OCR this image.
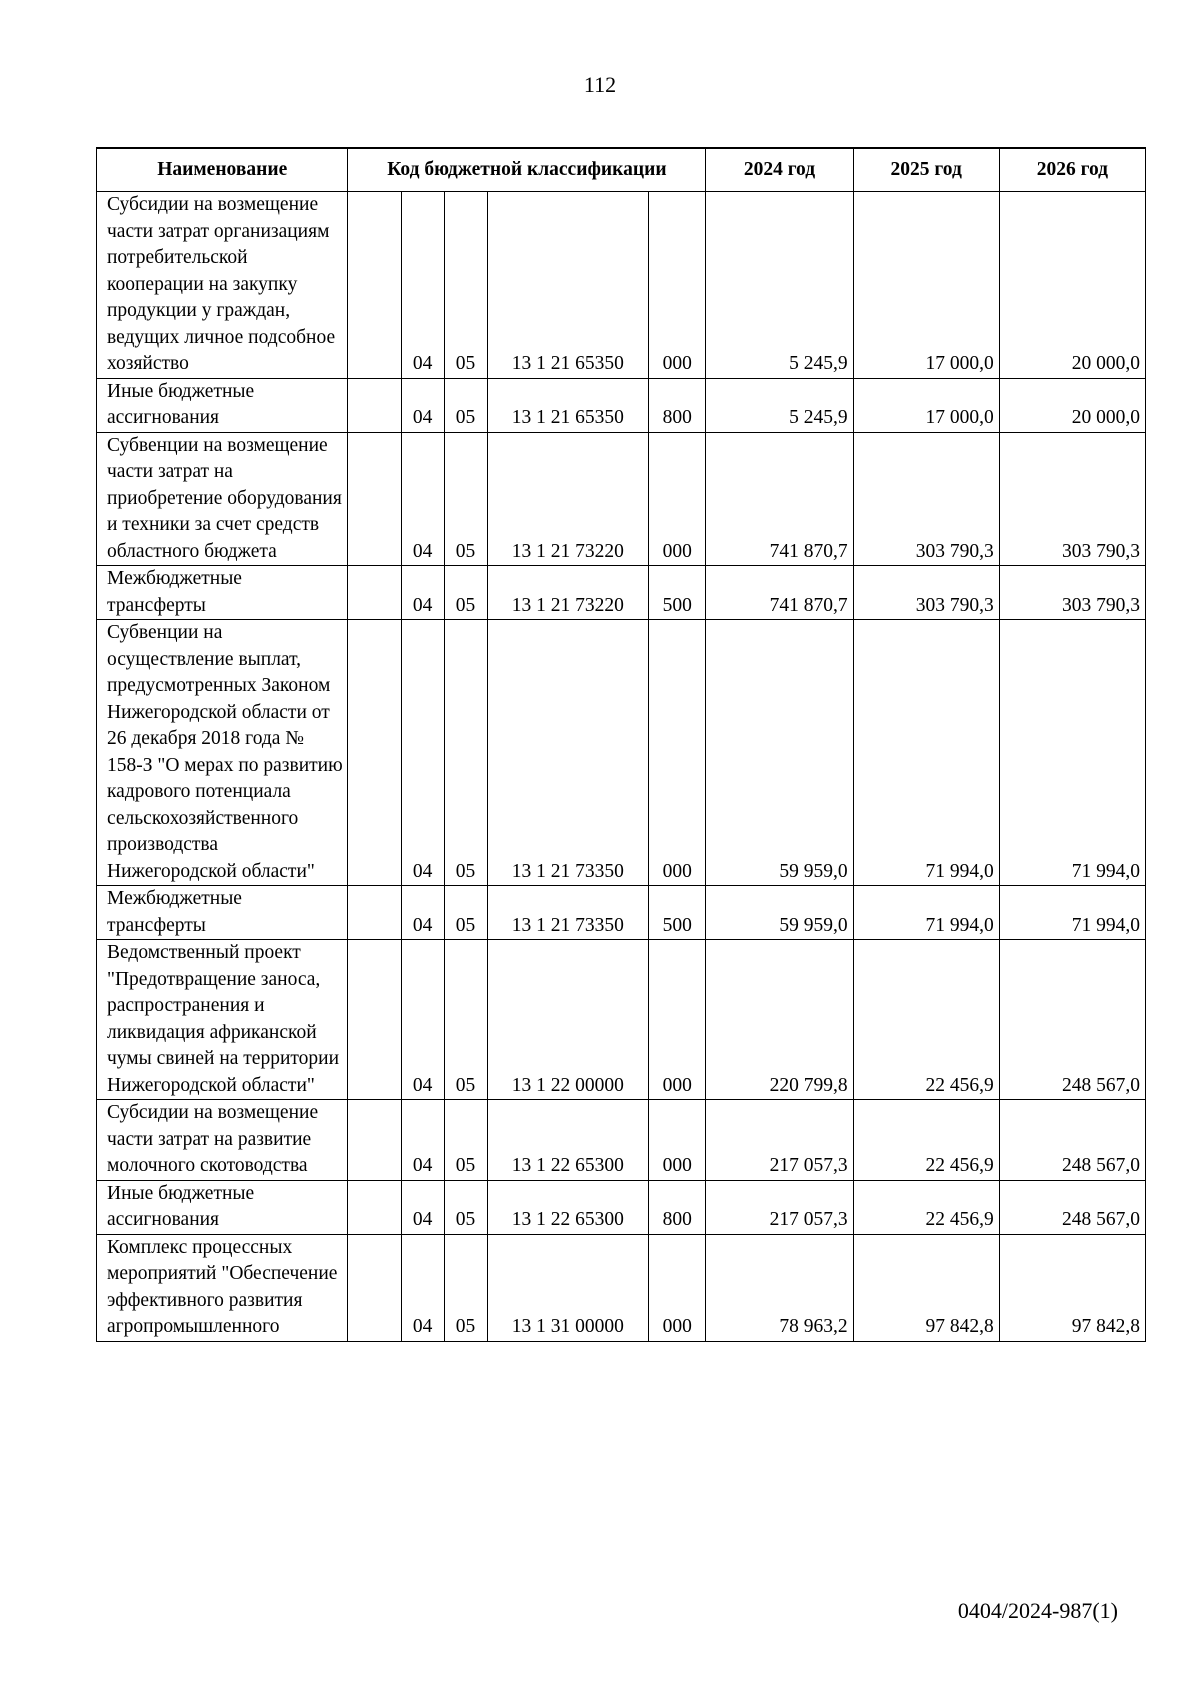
112
Наименование	Код бюджетной классификации					2024 год	2025 год	2026 год
Субсидии на возмещение части затрат организациям потребительской кооперации на закупку продукции у граждан, ведущих личное подсобное хозяйство		04	05	13 1 21 65350	000	5 245,9	17 000,0	20 000,0
Иные бюджетные ассигнования		04	05	13 1 21 65350	800	5 245,9	17 000,0	20 000,0
Субвенции на возмещение части затрат на приобретение оборудования и техники за счет средств областного бюджета		04	05	13 1 21 73220	000	741 870,7	303 790,3	303 790,3
Межбюджетные трансферты		04	05	13 1 21 73220	500	741 870,7	303 790,3	303 790,3
Субвенции на осуществление выплат, предусмотренных Законом Нижегородской области от 26 декабря 2018 года № 158-З "О мерах по развитию кадрового потенциала сельскохозяйственного производства Нижегородской области"		04	05	13 1 21 73350	000	59 959,0	71 994,0	71 994,0
Межбюджетные трансферты		04	05	13 1 21 73350	500	59 959,0	71 994,0	71 994,0
Ведомственный проект "Предотвращение заноса, распространения и ликвидация африканской чумы свиней на территории Нижегородской области"		04	05	13 1 22 00000	000	220 799,8	22 456,9	248 567,0
Субсидии на возмещение части затрат на развитие молочного скотоводства		04	05	13 1 22 65300	000	217 057,3	22 456,9	248 567,0
Иные бюджетные ассигнования		04	05	13 1 22 65300	800	217 057,3	22 456,9	248 567,0
Комплекс процессных мероприятий "Обеспечение эффективного развития агропромышленного		04	05	13 1 31 00000	000	78 963,2	97 842,8	97 842,8
0404/2024-987(1)
